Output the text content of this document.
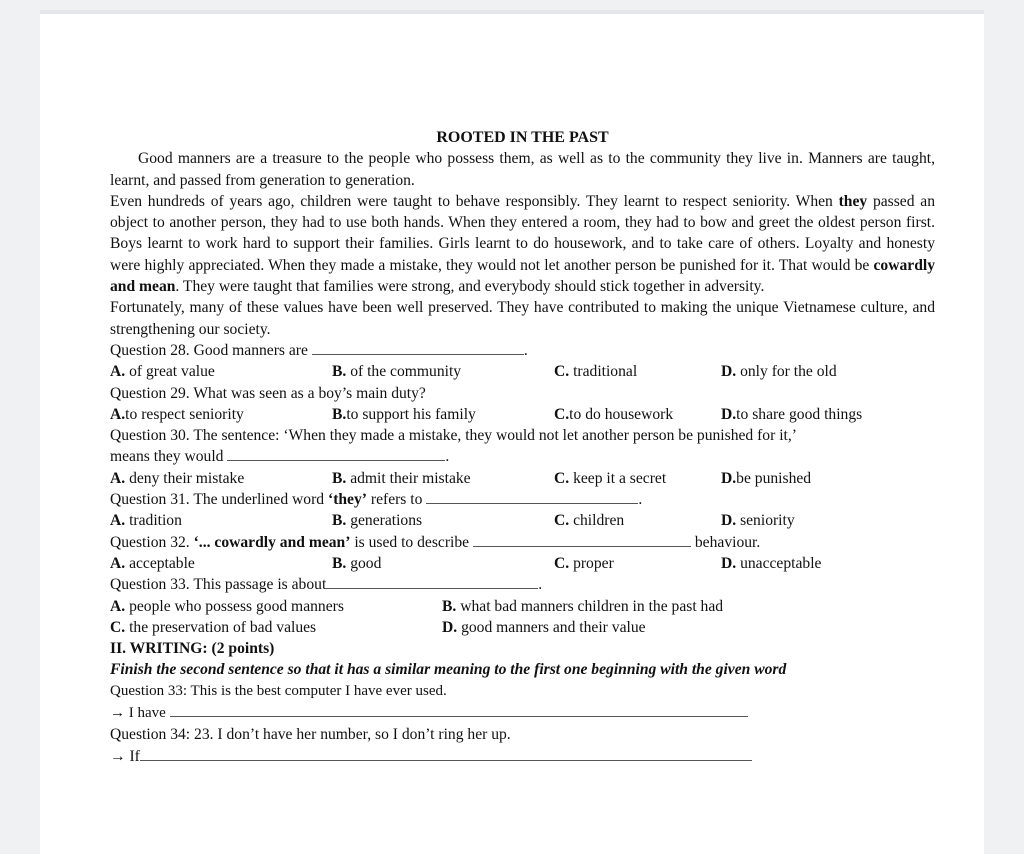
ROOTED IN THE PAST
Good manners are a treasure to the people who possess them, as well as to the community they live in. Manners are taught, learnt, and passed from generation to generation.
Even hundreds of years ago, children were taught to behave responsibly. They learnt to respect seniority. When they passed an object to another person, they had to use both hands. When they entered a room, they had to bow and greet the oldest person first. Boys learnt to work hard to support their families. Girls learnt to do housework, and to take care of others. Loyalty and honesty were highly appreciated. When they made a mistake, they would not let another person be punished for it. That would be cowardly and mean. They were taught that families were strong, and everybody should stick together in adversity.
Fortunately, many of these values have been well preserved. They have contributed to making the unique Vietnamese culture, and strengthening our society.
Question 28. Good manners are	.
A. of great value	B. of the community	C. traditional	D. only for the old
Question 29. What was seen as a boy’s main duty?
A.to respect seniority	B.to support his family	C.to do housework	D.to share good things
Question 30. The sentence: ‘When they made a mistake, they would not let another person be punished for it,’
means they would	.
A. deny their mistake	B. admit their mistake	C. keep it a secret	D.be punished
Question 31. The underlined word ‘they’ refers to	.
A. tradition	B. generations	C. children	D. seniority
Question 32. ‘... cowardly and mean’ is used to describe	behaviour.
A. acceptable	B. good	C. proper	D. unacceptable
Question 33. This passage is about	.
A. people who possess good manners	B. what bad manners children in the past had
C. the preservation of bad values	D. good manners and their value
II. WRITING: (2 points)
Finish the second sentence so that it has a similar meaning to the first one beginning with the given word
Question 33: This is the best computer I have ever used.
→ I have
Question 34: 23. I don’t have her number, so I don’t ring her up.
→ If
